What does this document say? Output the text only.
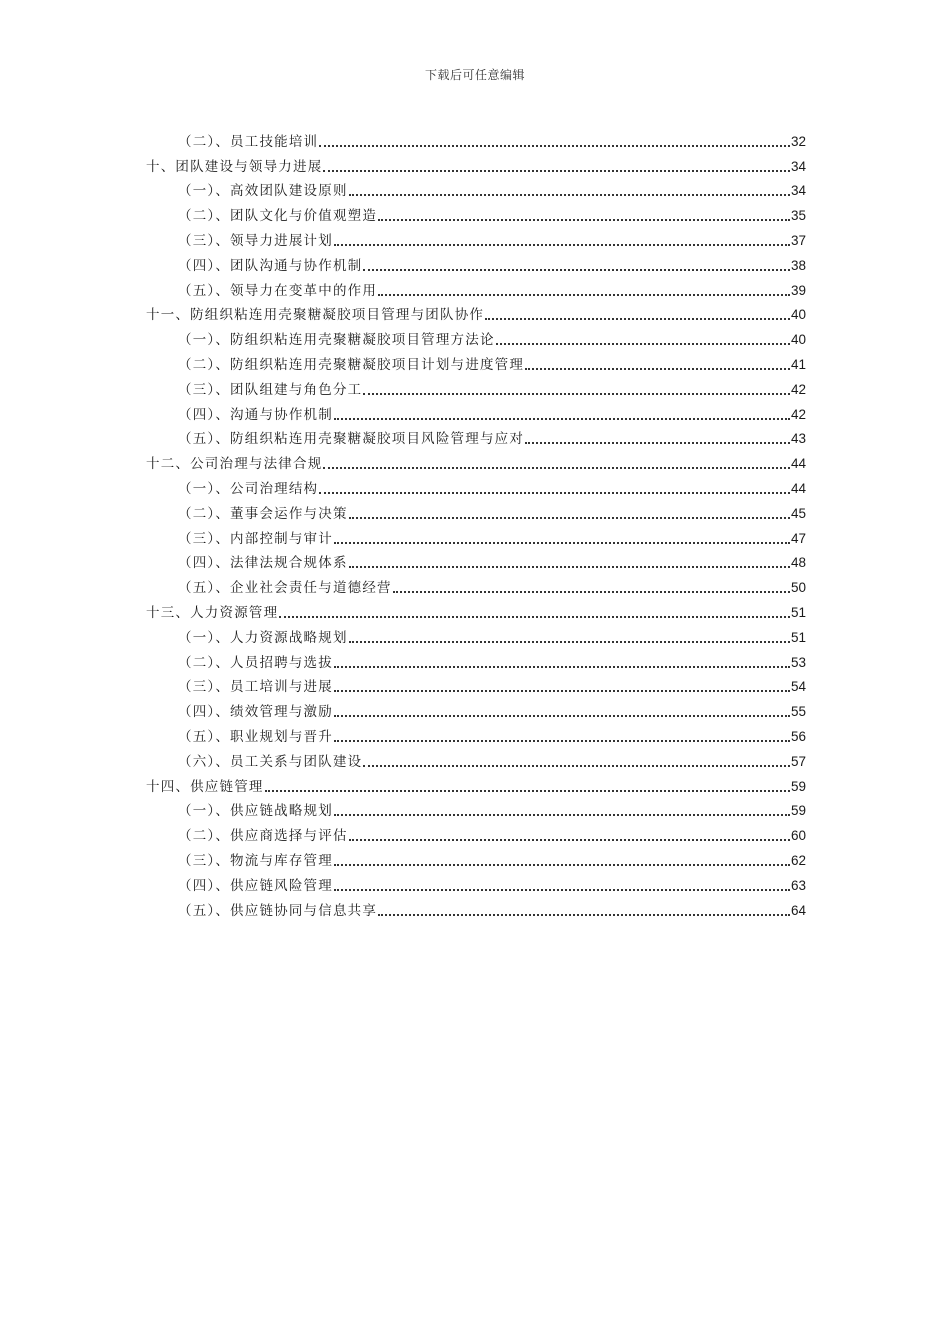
下载后可任意编辑
（二）、员工技能培训	32
十、团队建设与领导力进展	34
（一）、高效团队建设原则	34
（二）、团队文化与价值观塑造	35
（三）、领导力进展计划	37
（四）、团队沟通与协作机制	38
（五）、领导力在变革中的作用	39
十一、防组织粘连用壳聚糖凝胶项目管理与团队协作	40
（一）、防组织粘连用壳聚糖凝胶项目管理方法论	40
（二）、防组织粘连用壳聚糖凝胶项目计划与进度管理	41
（三）、团队组建与角色分工	42
（四）、沟通与协作机制	42
（五）、防组织粘连用壳聚糖凝胶项目风险管理与应对	43
十二、公司治理与法律合规	44
（一）、公司治理结构	44
（二）、董事会运作与决策	45
（三）、内部控制与审计	47
（四）、法律法规合规体系	48
（五）、企业社会责任与道德经营	50
十三、人力资源管理	51
（一）、人力资源战略规划	51
（二）、人员招聘与选拔	53
（三）、员工培训与进展	54
（四）、绩效管理与激励	55
（五）、职业规划与晋升	56
（六）、员工关系与团队建设	57
十四、供应链管理	59
（一）、供应链战略规划	59
（二）、供应商选择与评估	60
（三）、物流与库存管理	62
（四）、供应链风险管理	63
（五）、供应链协同与信息共享	64
